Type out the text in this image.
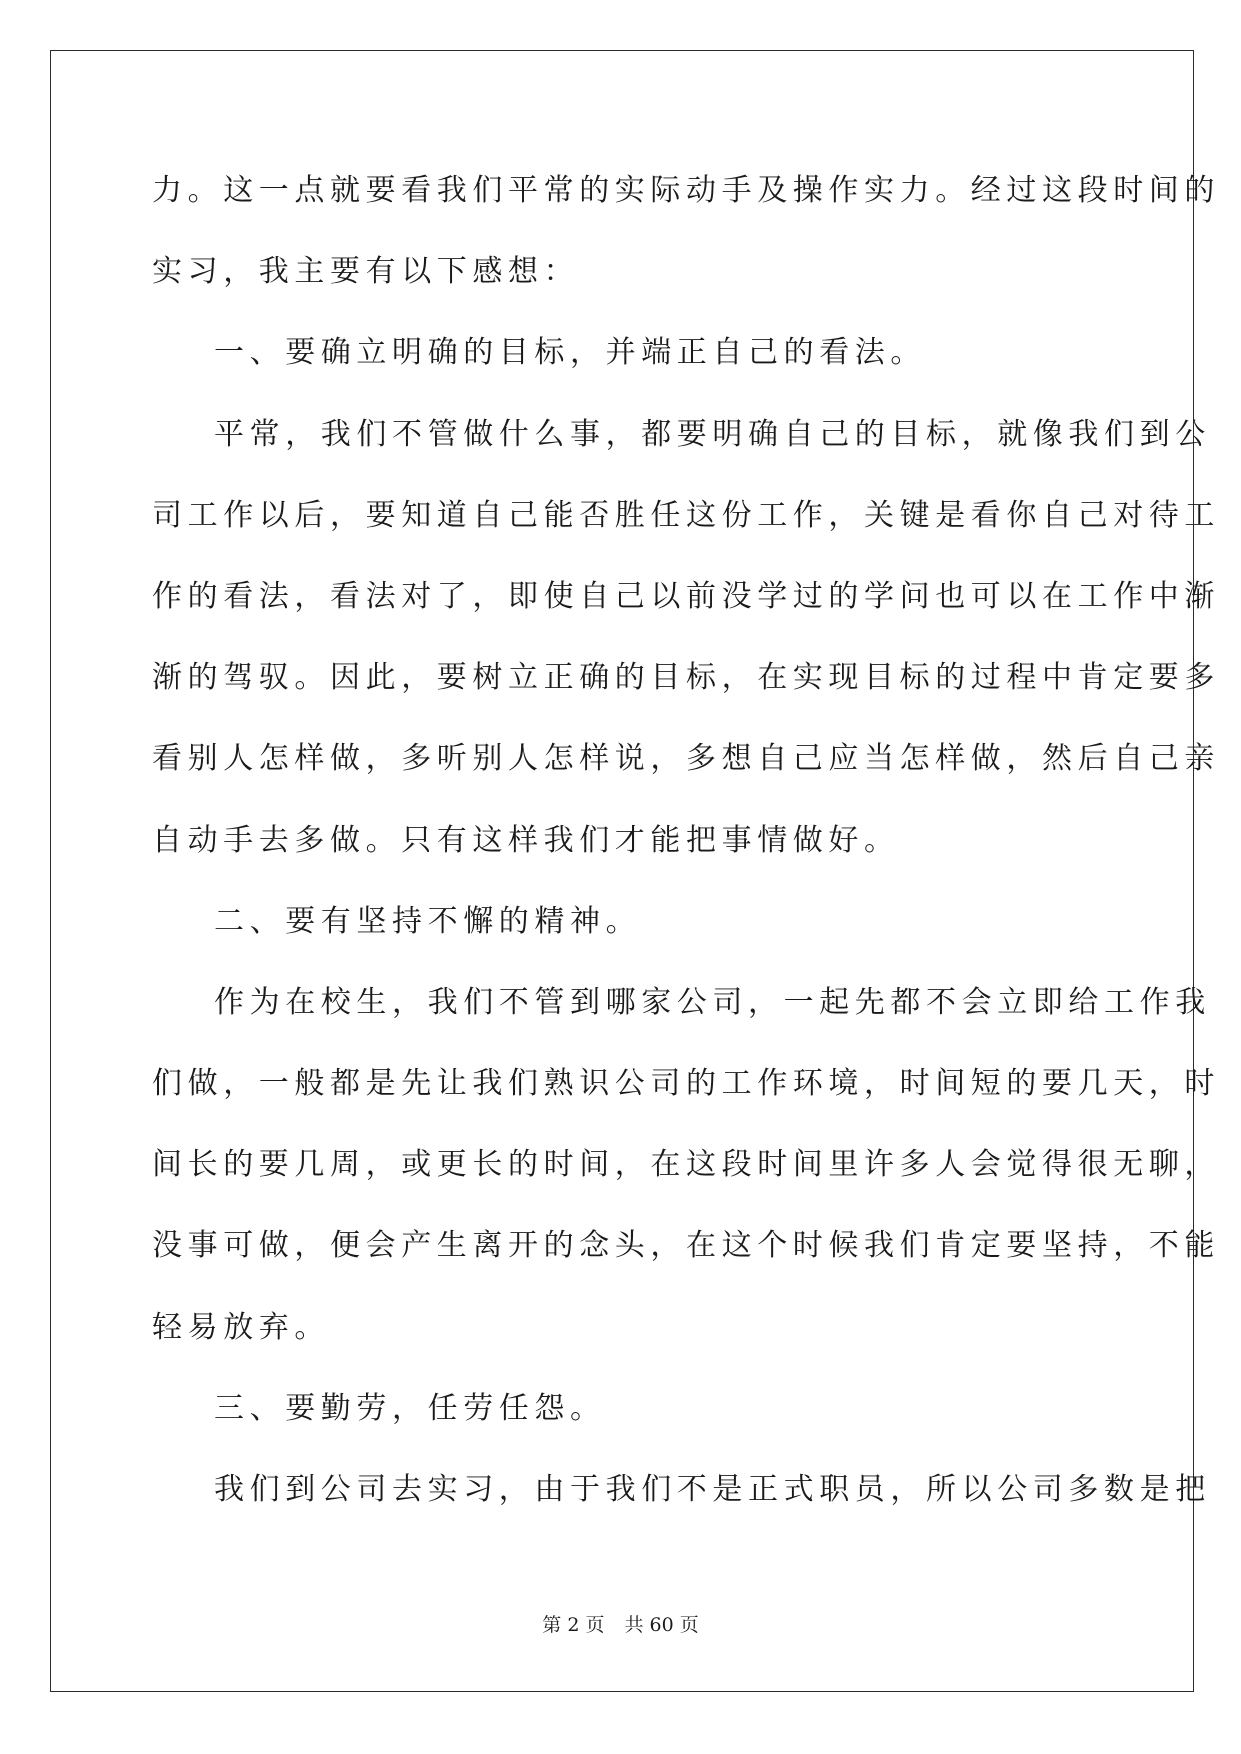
力。这一点就要看我们平常的实际动手及操作实力。经过这段时间的
实习，我主要有以下感想：
一、要确立明确的目标，并端正自己的看法。
平常，我们不管做什么事，都要明确自己的目标，就像我们到公
司工作以后，要知道自己能否胜任这份工作，关键是看你自己对待工
作的看法，看法对了，即使自己以前没学过的学问也可以在工作中渐
渐的驾驭。因此，要树立正确的目标，在实现目标的过程中肯定要多
看别人怎样做，多听别人怎样说，多想自己应当怎样做，然后自己亲
自动手去多做。只有这样我们才能把事情做好。
二、要有坚持不懈的精神。
作为在校生，我们不管到哪家公司，一起先都不会立即给工作我
们做，一般都是先让我们熟识公司的工作环境，时间短的要几天，时
间长的要几周，或更长的时间，在这段时间里许多人会觉得很无聊，
没事可做，便会产生离开的念头，在这个时候我们肯定要坚持，不能
轻易放弃。
三、要勤劳，任劳任怨。
我们到公司去实习，由于我们不是正式职员，所以公司多数是把
第 2 页 共 60 页
